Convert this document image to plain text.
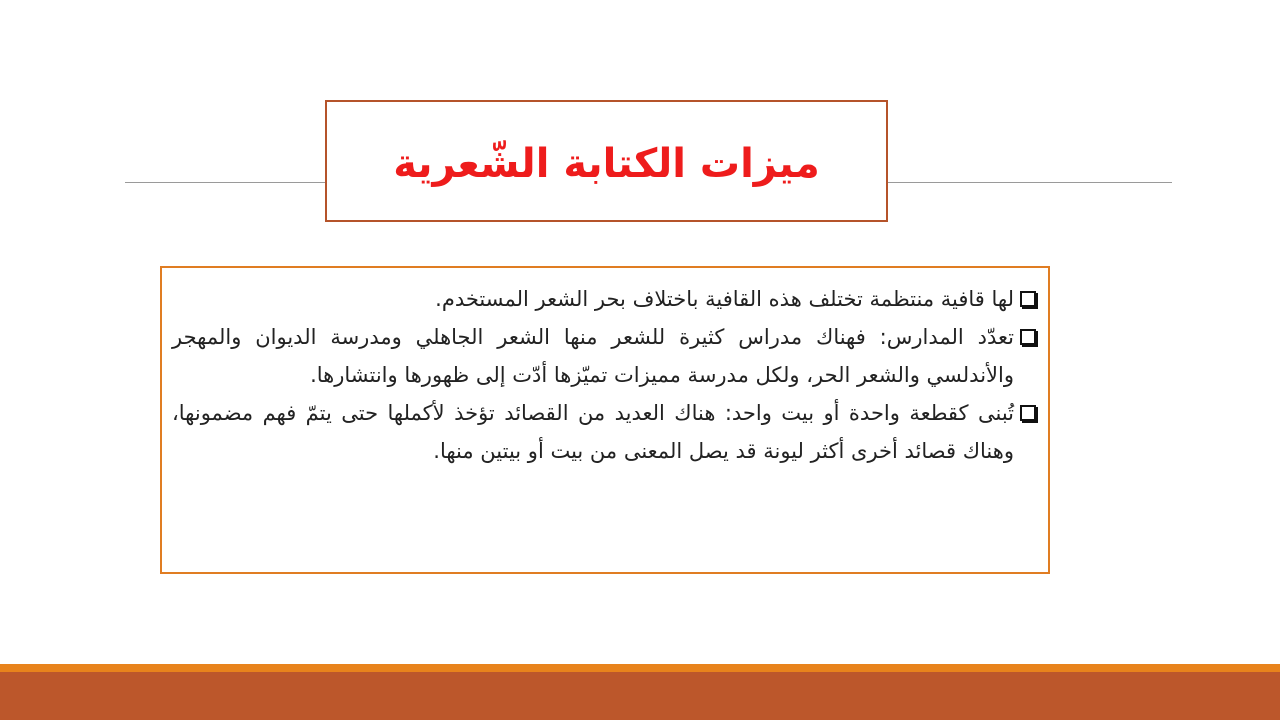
ميزات الكتابة الشّعرية
لها قافية منتظمة تختلف هذه القافية باختلاف بحر الشعر المستخدم.
تعدّد المدارس: فهناك مدراس كثيرة للشعر منها الشعر الجاهلي ومدرسة الديوان والمهجر والأندلسي والشعر الحر، ولكل مدرسة مميزات تميّزها أدّت إلى ظهورها وانتشارها.
تُبنى كقطعة واحدة أو بيت واحد: هناك العديد من القصائد تؤخذ لأكملها حتى يتمّ فهم مضمونها، وهناك قصائد أخرى أكثر ليونة قد يصل المعنى من بيت أو بيتين منها.
